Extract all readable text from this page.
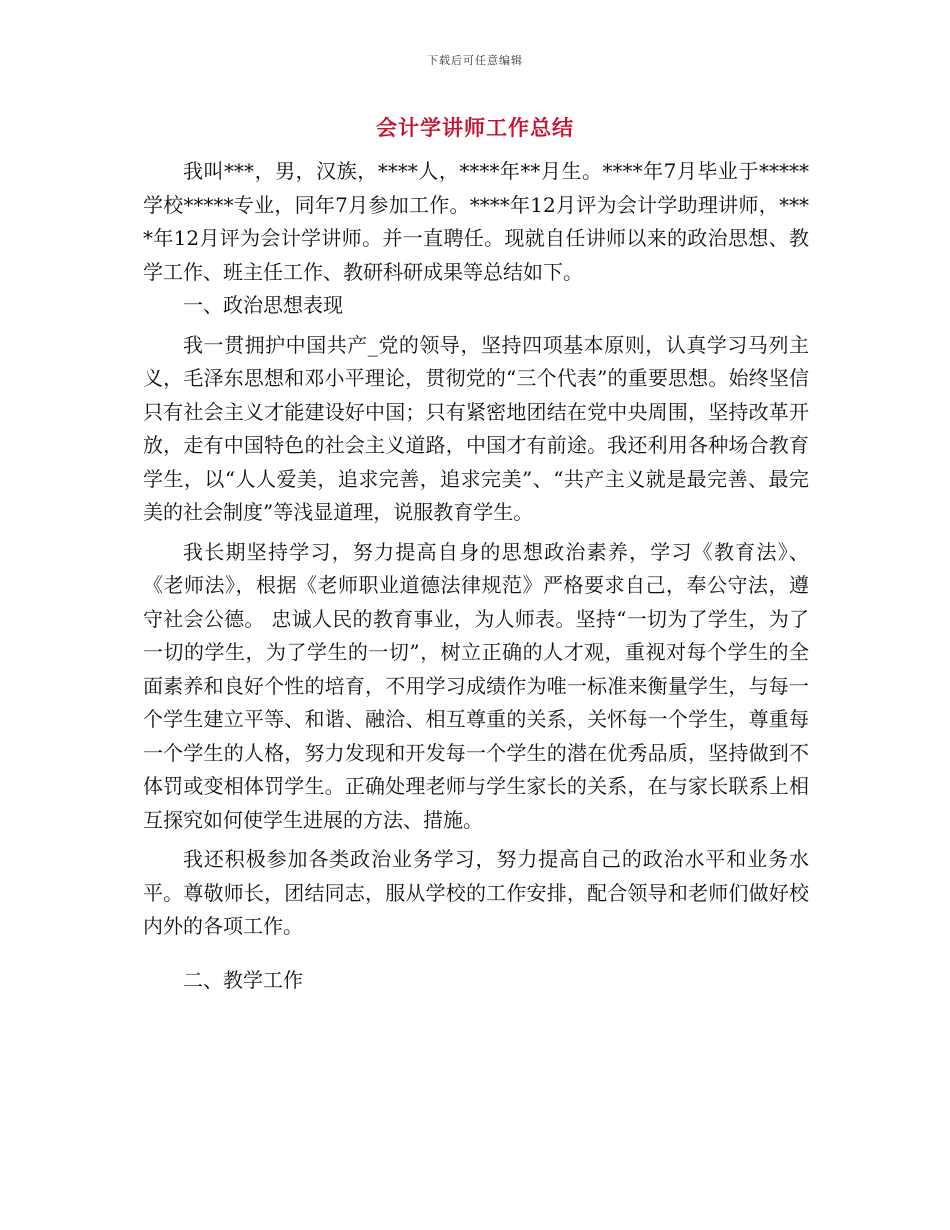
下载后可任意编辑
会计学讲师工作总结

我叫***，男，汉族，****人，****年**月生。****年7月毕业于*****学校*****专业，同年7月参加工作。****年12月评为会计学助理讲师，****年12月评为会计学讲师。并一直聘任。现就自任讲师以来的政治思想、教学工作、班主任工作、教研科研成果等总结如下。

一、政治思想表现

我一贯拥护中国共产_党的领导，坚持四项基本原则，认真学习马列主义，毛泽东思想和邓小平理论，贯彻党的“三个代表”的重要思想。始终坚信只有社会主义才能建设好中国；只有紧密地团结在党中央周围，坚持改革开放，走有中国特色的社会主义道路，中国才有前途。我还利用各种场合教育学生，以“人人爱美，追求完善，追求完美”、“共产主义就是最完善、最完美的社会制度”等浅显道理，说服教育学生。

我长期坚持学习，努力提高自身的思想政治素养，学习《教育法》、 《老师法》，根据《老师职业道德法律规范》严格要求自己，奉公守法，遵守社会公德。 忠诚人民的教育事业，为人师表。坚持“一切为了学生，为了一切的学生，为了学生的一切”，树立正确的人才观，重视对每个学生的全面素养和良好个性的培育，不用学习成绩作为唯一标准来衡量学生，与每一个学生建立平等、和谐、融洽、相互尊重的关系，关怀每一个学生，尊重每一个学生的人格，努力发现和开发每一个学生的潜在优秀品质，坚持做到不体罚或变相体罚学生。正确处理老师与学生家长的关系，在与家长联系上相互探究如何使学生进展的方法、措施。

我还积极参加各类政治业务学习，努力提高自己的政治水平和业务水平。尊敬师长，团结同志，服从学校的工作安排，配合领导和老师们做好校内外的各项工作。

二、教学工作
